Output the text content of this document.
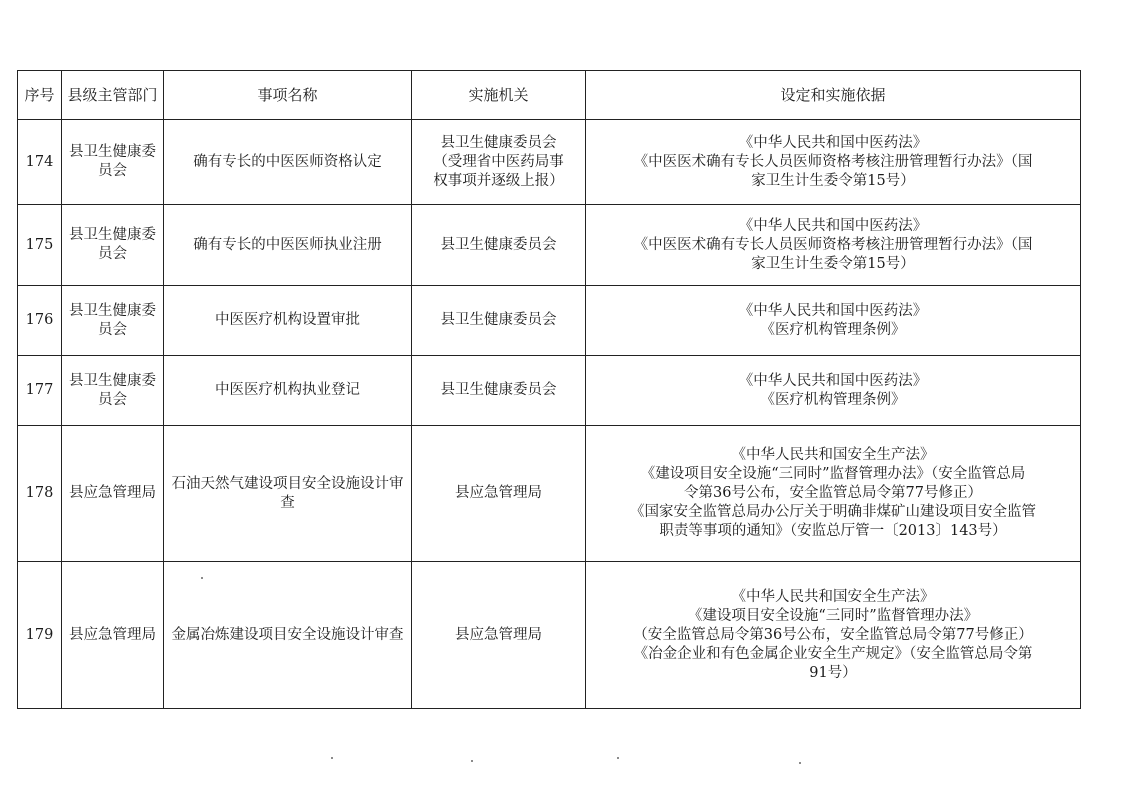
序号	县级主管部门	事项名称	实施机关	设定和实施依据
174	县卫生健康委员会	确有专长的中医医师资格认定	县卫生健康委员会
（受理省中医药局事
权事项并逐级上报）	《中华人民共和国中医药法》
《中医医术确有专长人员医师资格考核注册管理暂行办法》（国
家卫生计生委令第15号）

175	县卫生健康委员会	确有专长的中医医师执业注册	县卫生健康委员会	《中华人民共和国中医药法》
《中医医术确有专长人员医师资格考核注册管理暂行办法》（国
家卫生计生委令第15号）

176	县卫生健康委员会	中医医疗机构设置审批	县卫生健康委员会	《中华人民共和国中医药法》
《医疗机构管理条例》

177	县卫生健康委员会	中医医疗机构执业登记	县卫生健康委员会	《中华人民共和国中医药法》
《医疗机构管理条例》

178	县应急管理局	石油天然气建设项目安全设施设计审查	县应急管理局	《中华人民共和国安全生产法》
《建设项目安全设施“三同时”监督管理办法》（安全监管总局
令第36号公布，安全监管总局令第77号修正）
《国家安全监管总局办公厅关于明确非煤矿山建设项目安全监管
职责等事项的通知》（安监总厅管一〔2013〕143号）

179	县应急管理局	金属冶炼建设项目安全设施设计审查	县应急管理局	《中华人民共和国安全生产法》
《建设项目安全设施“三同时”监督管理办法》
（安全监管总局令第36号公布，安全监管总局令第77号修正）
《冶金企业和有色金属企业安全生产规定》（安全监管总局令第
91号）
